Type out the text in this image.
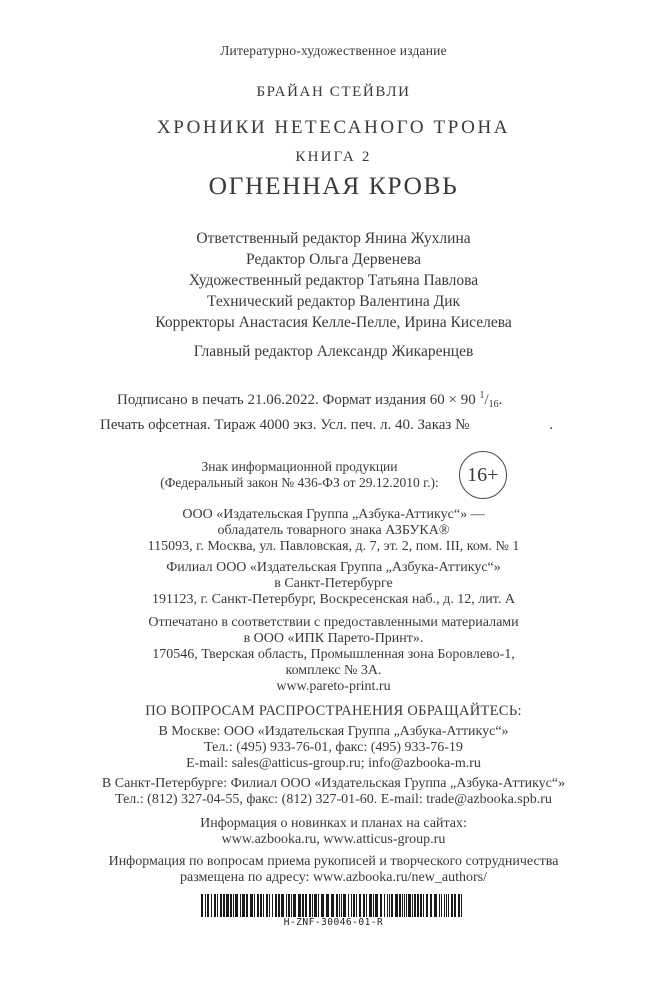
Литературно-художественное издание
БРАЙАН СТЕЙВЛИ
ХРОНИКИ НЕТЕСАНОГО ТРОНА
КНИГА 2
ОГНЕННАЯ КРОВЬ
Ответственный редактор Янина Жухлина
Редактор Ольга Дервенева
Художественный редактор Татьяна Павлова
Технический редактор Валентина Дик
Корректоры Анастасия Келле-Пелле, Ирина Киселева
Главный редактор Александр Жикаренцев
Подписано в печать 21.06.2022. Формат издания 60 × 90 $^1/_{16}$.
Печать офсетная. Тираж 4000 экз. Усл. печ. л. 40. Заказ №	.
Знак информационной продукции
(Федеральный закон № 436-ФЗ от 29.12.2010 г.):	16+
ООО «Издательская Группа „Азбука-Аттикус“» —
обладатель товарного знака АЗБУКА®
115093, г. Москва, ул. Павловская, д. 7, эт. 2, пом. III, ком. № 1
Филиал ООО «Издательская Группа „Азбука-Аттикус“»
в Санкт-Петербурге
191123, г. Санкт-Петербург, Воскресенская наб., д. 12, лит. А
Отпечатано в соответствии с предоставленными материалами
в ООО «ИПК Парето-Принт».
170546, Тверская область, Промышленная зона Боровлево-1,
комплекс № 3А.
www.pareto-print.ru
ПО ВОПРОСАМ РАСПРОСТРАНЕНИЯ ОБРАЩАЙТЕСЬ:
В Москве: ООО «Издательская Группа „Азбука-Аттикус“»
Тел.: (495) 933-76-01, факс: (495) 933-76-19
E-mail: sales@atticus-group.ru; info@azbooka-m.ru
В Санкт-Петербурге: Филиал ООО «Издательская Группа „Азбука-Аттикус“»
Тел.: (812) 327-04-55, факс: (812) 327-01-60. E-mail: trade@azbooka.spb.ru
Информация о новинках и планах на сайтах:
www.azbooka.ru, www.atticus-group.ru
Информация по вопросам приема рукописей и творческого сотрудничества
размещена по адресу: www.azbooka.ru/new_authors/
H-ZNF-30046-01-R
